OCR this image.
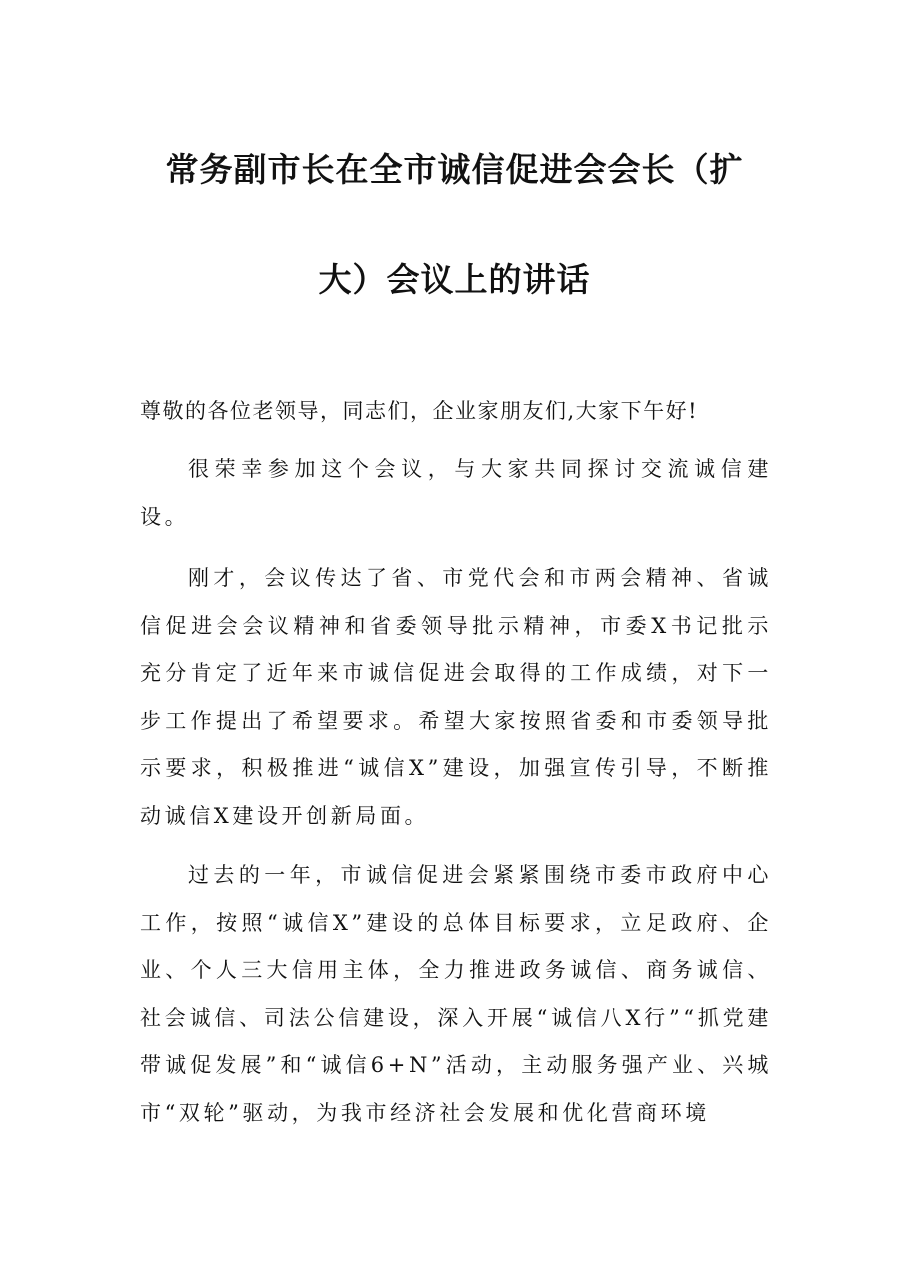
常务副市长在全市诚信促进会会长（扩
大）会议上的讲话
尊敬的各位老领导，同志们，企业家朋友们,大家下午好!
很荣幸参加这个会议，与大家共同探讨交流诚信建设。
刚才，会议传达了省、市党代会和市两会精神、省诚信促进会会议精神和省委领导批示精神，市委X书记批示充分肯定了近年来市诚信促进会取得的工作成绩，对下一步工作提出了希望要求。希望大家按照省委和市委领导批示要求，积极推进“诚信X”建设，加强宣传引导，不断推动诚信X建设开创新局面。
过去的一年，市诚信促进会紧紧围绕市委市政府中心工作，按照“诚信X”建设的总体目标要求，立足政府、企业、个人三大信用主体，全力推进政务诚信、商务诚信、社会诚信、司法公信建设，深入开展“诚信八X行”“抓党建带诚促发展”和“诚信6+N”活动，主动服务强产业、兴城市“双轮”驱动，为我市经济社会发展和优化营商环境
